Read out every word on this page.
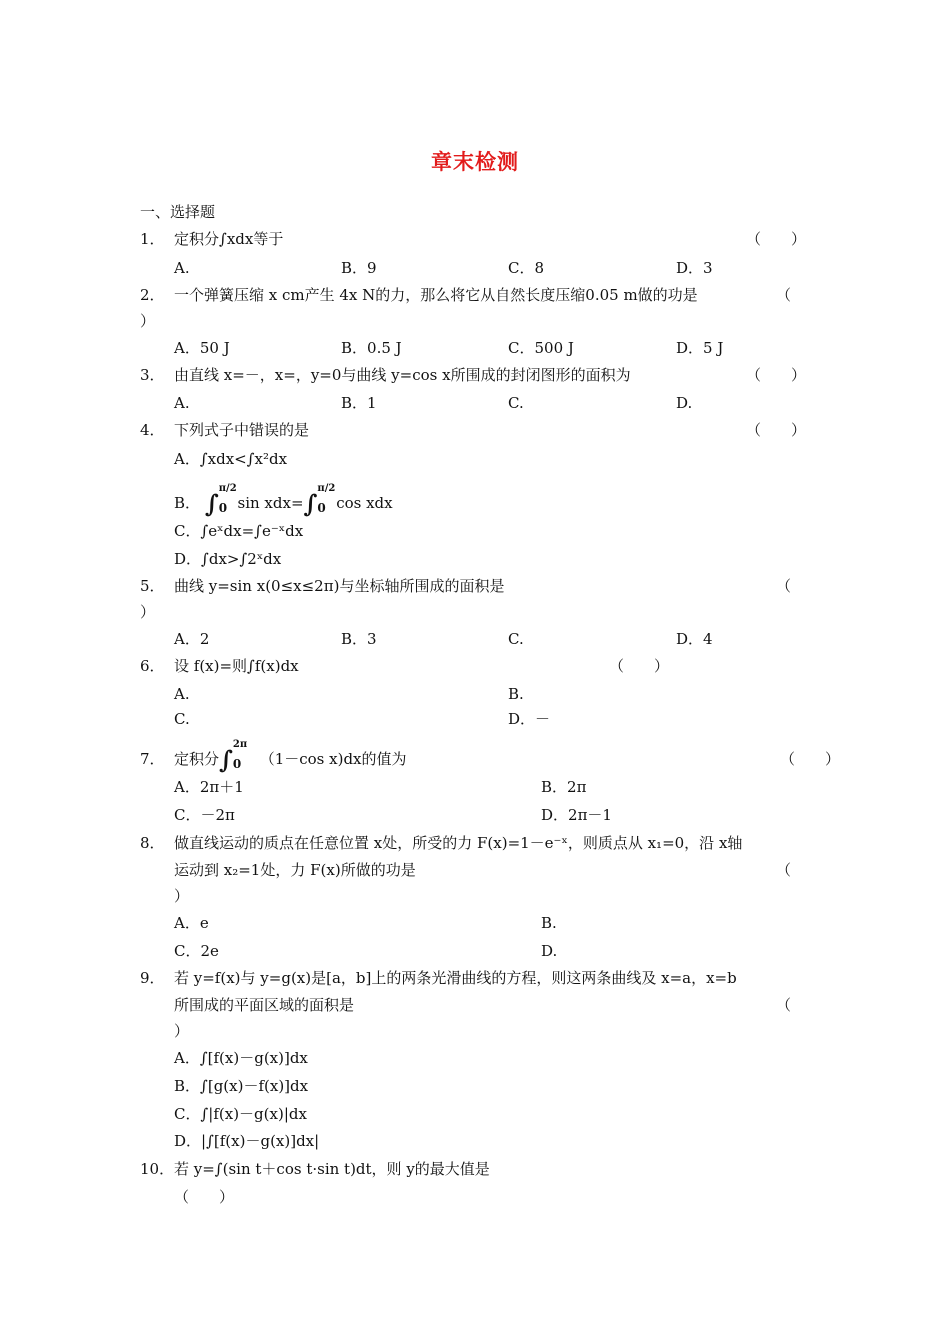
章末检测
一、选择题
1． 定积分∫xdx等于	（　　）
A.	B．9	C．8	D．3
2． 一个弹簧压缩 x cm产生 4x N的力，那么将它从自然长度压缩0.05 m做的功是	（
）
A．50 J	B．0.5 J	C．500 J	D．5 J
3． 由直线 x=－，x=，y=0与曲线 y=cos x所围成的封闭图形的面积为	（　　）
A.	B．1	C.	D.
4． 下列式子中错误的是	（　　）
A．∫xdx<∫x²dx
B． ∫
π/2
0 sin xdx=∫
π/2
0 cos xdx
C．∫eˣdx=∫e⁻ˣdx
D．∫dx>∫2ˣdx
5． 曲线 y=sin x(0≤x≤2π)与坐标轴所围成的面积是	（
）
A．2	B．3	C.	D．4
6． 设 f(x)=则∫f(x)dx	（　　）
A.	B.
C.	D．－
7． 定积分∫
2π
0 （1－cos x)dx的值为	（　　）
A．2π＋1	B．2π
C．－2π	D．2π－1
8． 做直线运动的质点在任意位置 x处，所受的力 F(x)=1－e⁻ˣ，则质点从 x₁=0，沿 x轴
运动到 x₂=1处，力 F(x)所做的功是	（
）
A．e	B.
C．2e	D.
9． 若 y=f(x)与 y=g(x)是[a，b]上的两条光滑曲线的方程，则这两条曲线及 x=a，x=b
所围成的平面区域的面积是	（
）
A．∫[f(x)－g(x)]dx
B．∫[g(x)－f(x)]dx
C．∫|f(x)－g(x)|dx
D．|∫[f(x)－g(x)]dx|
10． 若 y=∫(sin t＋cos t·sin t)dt，则 y的最大值是
（　　）
